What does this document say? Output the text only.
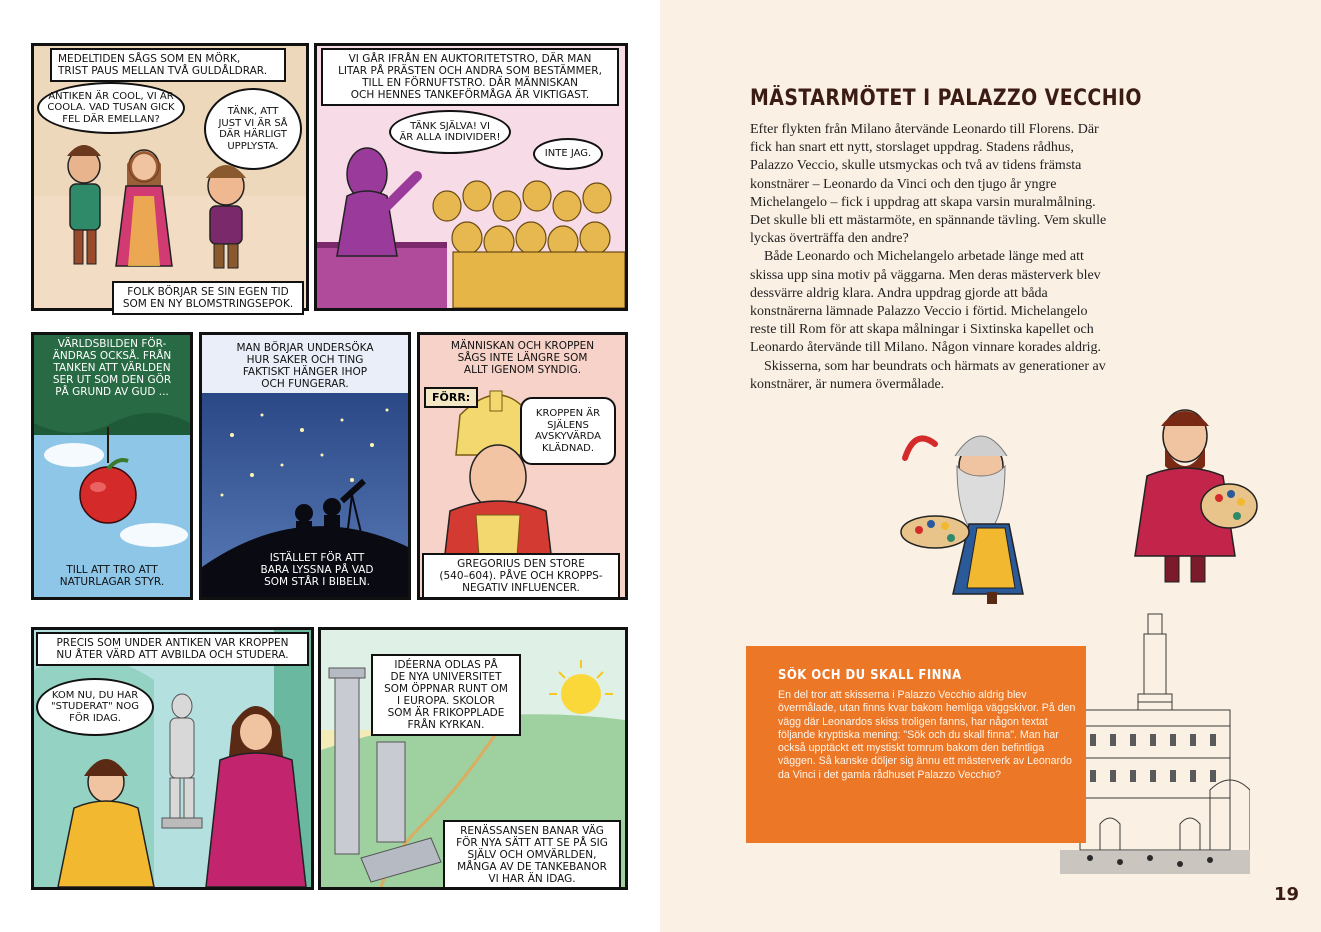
MEDELTIDEN SÅGS SOM EN MÖRK,
TRIST PAUS MELLAN TVÅ GULDÅLDRAR.
ANTIKEN ÄR COOL, VI ÄR
COOLA. VAD TUSAN GICK
FEL DÄR EMELLAN?
TÄNK, ATT
JUST VI ÄR SÅ
DÄR HÄRLIGT
UPPLYSTA.
VI GÅR IFRÅN EN AUKTORITETSTRO, DÄR MAN
LITAR PÅ PRÄSTEN OCH ANDRA SOM BESTÄMMER,
TILL EN FÖRNUFTSTRO. DÄR MÄNNISKAN
OCH HENNES TANKEFÖRMÅGA ÄR VIKTIGAST.
TÄNK SJÄLVA! VI
ÄR ALLA INDIVIDER!
INTE JAG.
FOLK BÖRJAR SE SIN EGEN TID
SOM EN NY BLOMSTRINGSEPOK.
VÄRLDSBILDEN FÖR-
ÄNDRAS OCKSÅ. FRÅN
TANKEN ATT VÄRLDEN
SER UT SOM DEN GÖR
PÅ GRUND AV GUD ...
TILL ATT TRO ATT
NATURLAGAR STYR.
MAN BÖRJAR UNDERSÖKA
HUR SAKER OCH TING
FAKTISKT HÄNGER IHOP
OCH FUNGERAR.
ISTÄLLET FÖR ATT
BARA LYSSNA PÅ VAD
SOM STÅR I BIBELN.
MÄNNISKAN OCH KROPPEN
SÅGS INTE LÄNGRE SOM
ALLT IGENOM SYNDIG.
FÖRR:
KROPPEN ÄR
SJÄLENS
AVSKYVÄRDA
KLÄDNAD.
GREGORIUS DEN STORE
(540–604). PÅVE OCH KROPPS-
NEGATIV INFLUENCER.
PRECIS SOM UNDER ANTIKEN VAR KROPPEN
NU ÅTER VÄRD ATT AVBILDA OCH STUDERA.
KOM NU, DU HAR
"STUDERAT" NOG
FÖR IDAG.
IDÉERNA ODLAS PÅ
DE NYA UNIVERSITET
SOM ÖPPNAR RUNT OM
I EUROPA. SKOLOR
SOM ÄR FRIKOPPLADE
FRÅN KYRKAN.
RENÄSSANSEN BANAR VÄG
FÖR NYA SÄTT ATT SE PÅ SIG
SJÄLV OCH OMVÄRLDEN,
MÅNGA AV DE TANKEBANOR
VI HAR ÄN IDAG.
MÄSTARMÖTET I PALAZZO VECCHIO

Efter flykten från Milano återvände Leonardo till Florens. Där fick han snart ett nytt, storslaget uppdrag. Stadens rådhus, Palazzo Veccio, skulle utsmyckas och två av tidens främsta konstnärer – Leonardo da Vinci och den tjugo år yngre Michelangelo – fick i uppdrag att skapa varsin muralmålning. Det skulle bli ett mästarmöte, en spännande tävling. Vem skulle lyckas överträffa den andre?

Både Leonardo och Michelangelo arbetade länge med att skissa upp sina motiv på väggarna. Men deras mästerverk blev dessvärre aldrig klara. Andra uppdrag gjorde att båda konstnärerna lämnade Palazzo Veccio i förtid. Michelangelo reste till Rom för att skapa målningar i Sixtinska kapellet och Leonardo återvände till Milano. Någon vinnare korades aldrig.

Skisserna, som har beundrats och härmats av generationer av konstnärer, är numera övermålade.

SÖK OCH DU SKALL FINNA
En del tror att skisserna i Palazzo Vecchio aldrig blev övermålade, utan finns kvar bakom hemliga väggskivor. På den vägg där Leonardos skiss troligen fanns, har någon textat följande kryptiska mening: "Sök och du skall finna". Man har också upptäckt ett mystiskt tomrum bakom den befintliga väggen. Så kanske döljer sig ännu ett mästerverk av Leonardo da Vinci i det gamla rådhuset Palazzo Vecchio?
19
